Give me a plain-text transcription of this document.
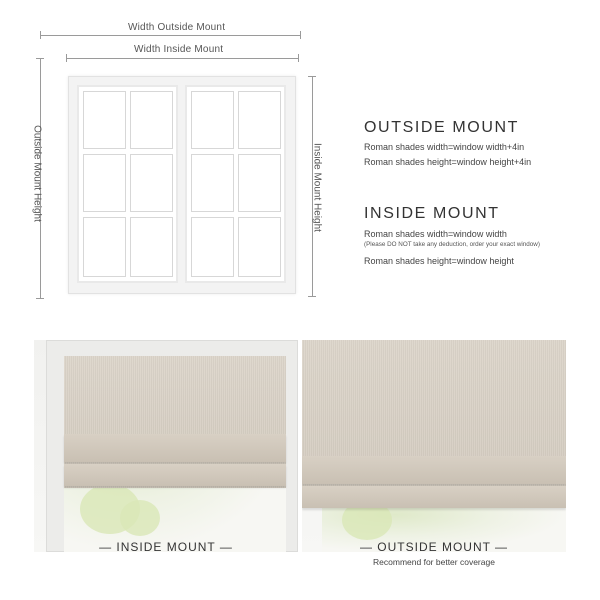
Width Outside Mount
Width Inside Mount
Outside Mount Height	Inside Mount Height
OUTSIDE MOUNT
Roman shades width=window width+4in
Roman shades height=window height+4in
INSIDE MOUNT
Roman shades width=window width
(Please DO NOT take any deduction, order your exact window)
Roman shades height=window height
— INSIDE MOUNT —	— OUTSIDE MOUNT —
Recommend for better coverage
